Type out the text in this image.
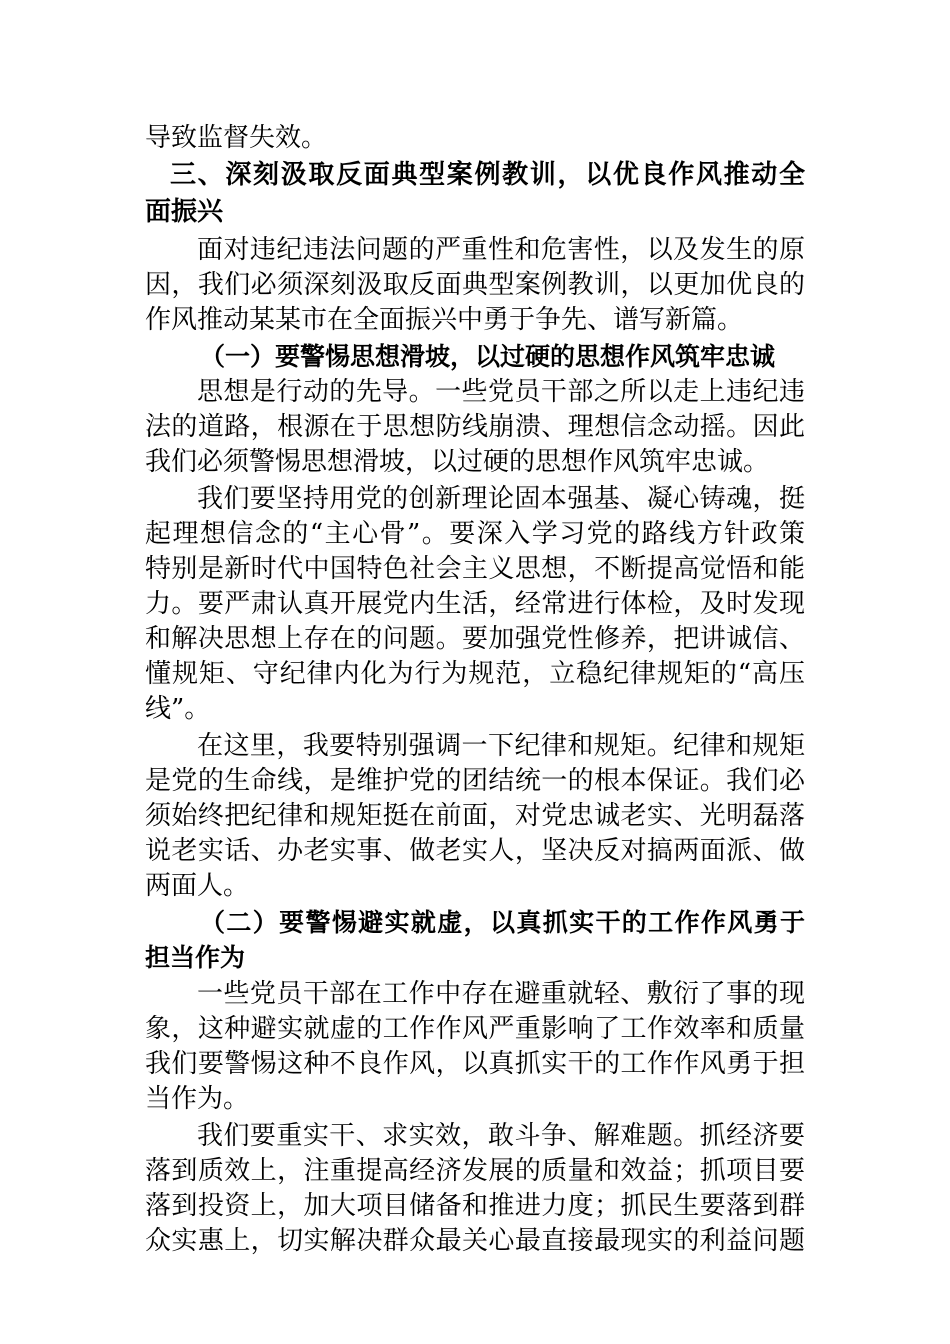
导致监督失效。
三、深刻汲取反面典型案例教训，以优良作风推动全
面振兴
面对违纪违法问题的严重性和危害性，以及发生的原
因，我们必须深刻汲取反面典型案例教训，以更加优良的
作风推动某某市在全面振兴中勇于争先、谱写新篇。
（一）要警惕思想滑坡，以过硬的思想作风筑牢忠诚
思想是行动的先导。一些党员干部之所以走上违纪违
法的道路，根源在于思想防线崩溃、理想信念动摇。因此
我们必须警惕思想滑坡，以过硬的思想作风筑牢忠诚。
我们要坚持用党的创新理论固本强基、凝心铸魂，挺
起理想信念的“主心骨”。要深入学习党的路线方针政策
特别是新时代中国特色社会主义思想，不断提高觉悟和能
力。要严肃认真开展党内生活，经常进行体检，及时发现
和解决思想上存在的问题。要加强党性修养，把讲诚信、
懂规矩、守纪律内化为行为规范，立稳纪律规矩的“高压
线”。
在这里，我要特别强调一下纪律和规矩。纪律和规矩
是党的生命线，是维护党的团结统一的根本保证。我们必
须始终把纪律和规矩挺在前面，对党忠诚老实、光明磊落
说老实话、办老实事、做老实人，坚决反对搞两面派、做
两面人。
（二）要警惕避实就虚，以真抓实干的工作作风勇于
担当作为
一些党员干部在工作中存在避重就轻、敷衍了事的现
象，这种避实就虚的工作作风严重影响了工作效率和质量
我们要警惕这种不良作风，以真抓实干的工作作风勇于担
当作为。
我们要重实干、求实效，敢斗争、解难题。抓经济要
落到质效上，注重提高经济发展的质量和效益；抓项目要
落到投资上，加大项目储备和推进力度；抓民生要落到群
众实惠上，切实解决群众最关心最直接最现实的利益问题
